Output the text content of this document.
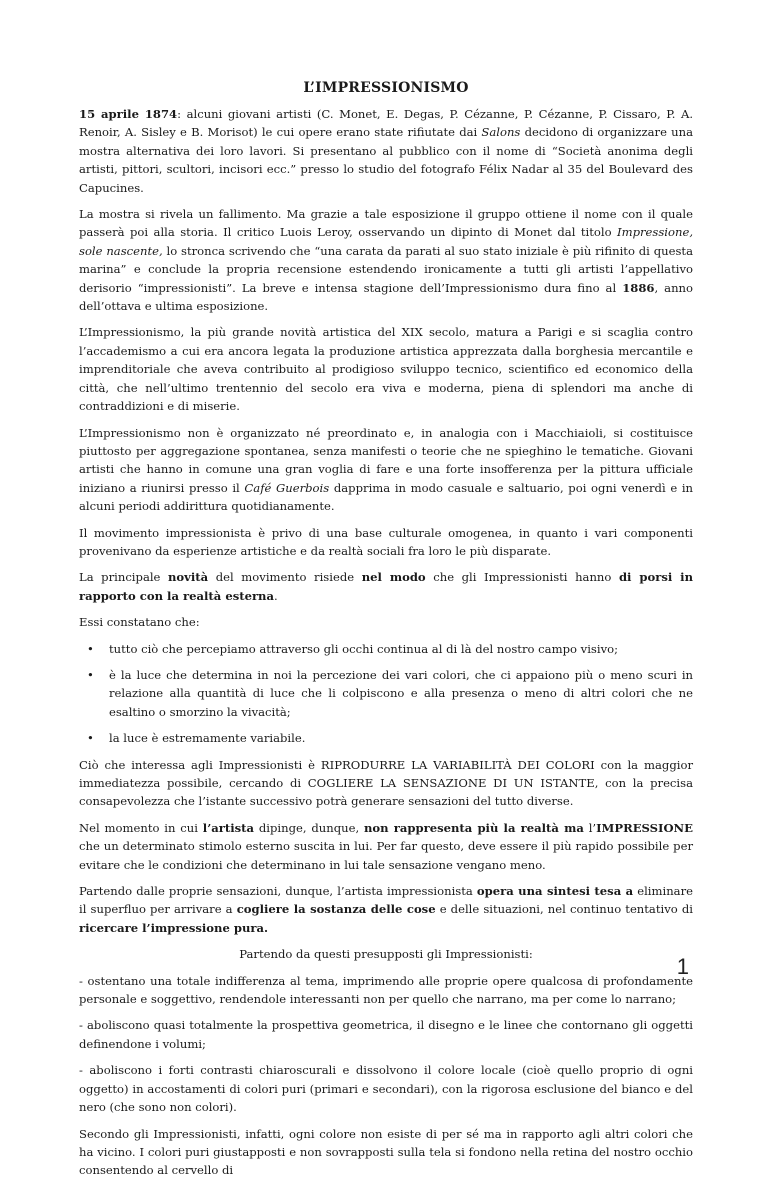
L’IMPRESSIONISMO

15 aprile 1874: alcuni giovani artisti (C. Monet, E. Degas, P. Cézanne, P. Cézanne, P. Cissaro, P. A. Renoir, A. Sisley e B. Morisot) le cui opere erano state rifiutate dai Salons decidono di organizzare una mostra alternativa dei loro lavori. Si presentano al pubblico con il nome di “Società anonima degli artisti, pittori, scultori, incisori ecc.” presso lo studio del fotografo Félix Nadar al 35 del Boulevard des Capucines.

La mostra si rivela un fallimento. Ma grazie a tale esposizione il gruppo ottiene il nome con il quale passerà poi alla storia. Il critico Luois Leroy, osservando un dipinto di Monet dal titolo Impressione, sole nascente, lo stronca scrivendo che “una carata da parati al suo stato iniziale è più rifinito di questa marina” e conclude la propria recensione estendendo ironicamente a tutti gli artisti l’appellativo derisorio “impressionisti”. La breve e intensa stagione dell’Impressionismo dura fino al 1886, anno dell’ottava e ultima esposizione.

L’Impressionismo, la più grande novità artistica del XIX secolo, matura a Parigi e si scaglia contro l’accademismo a cui era ancora legata la produzione artistica apprezzata dalla borghesia mercantile e imprenditoriale che aveva contribuito al prodigioso sviluppo tecnico, scientifico ed economico della città, che nell’ultimo trentennio del secolo era viva e moderna, piena di splendori ma anche di contraddizioni e di miserie.

L’Impressionismo non è organizzato né preordinato e, in analogia con i Macchiaioli, si costituisce piuttosto per aggregazione spontanea, senza manifesti o teorie che ne spieghino le tematiche. Giovani artisti che hanno in comune una gran voglia di fare e una forte insofferenza per la pittura ufficiale iniziano a riunirsi presso il Café Guerbois dapprima in modo casuale e saltuario, poi ogni venerdì e in alcuni periodi addirittura quotidianamente.

Il movimento impressionista è privo di una base culturale omogenea, in quanto i vari componenti provenivano da esperienze artistiche e da realtà sociali fra loro le più disparate.

La principale novità del movimento risiede nel modo che gli Impressionisti hanno di porsi in rapporto con la realtà esterna.

Essi constatano che:

• tutto ciò che percepiamo attraverso gli occhi continua al di là del nostro campo visivo;
• è la luce che determina in noi la percezione dei vari colori, che ci appaiono più o meno scuri in relazione alla quantità di luce che li colpiscono e alla presenza o meno di altri colori che ne esaltino o smorzino la vivacità;
• la luce è estremamente variabile.

Ciò che interessa agli Impressionisti è RIPRODURRE LA VARIABILITÀ DEI COLORI con la maggior immediatezza possibile, cercando di COGLIERE LA SENSAZIONE DI UN ISTANTE, con la precisa consapevolezza che l’istante successivo potrà generare sensazioni del tutto diverse.

Nel momento in cui l’artista dipinge, dunque, non rappresenta più la realtà ma l’IMPRESSIONE che un determinato stimolo esterno suscita in lui. Per far questo, deve essere il più rapido possibile per evitare che le condizioni che determinano in lui tale sensazione vengano meno.

Partendo dalle proprie sensazioni, dunque, l’artista impressionista opera una sintesi tesa a eliminare il superfluo per arrivare a cogliere la sostanza delle cose e delle situazioni, nel continuo tentativo di ricercare l’impressione pura.

Partendo da questi presupposti gli Impressionisti:

- ostentano una totale indifferenza al tema, imprimendo alle proprie opere qualcosa di profondamente personale e soggettivo, rendendole interessanti non per quello che narrano, ma per come lo narrano;

- aboliscono quasi totalmente la prospettiva geometrica, il disegno e le linee che contornano gli oggetti definendone i volumi;

- aboliscono i forti contrasti chiaroscurali e dissolvono il colore locale (cioè quello proprio di ogni oggetto) in accostamenti di colori puri (primari e secondari), con la rigorosa esclusione del bianco e del nero (che sono non colori).

Secondo gli Impressionisti, infatti, ogni colore non esiste di per sé ma in rapporto agli altri colori che ha vicino. I colori puri giustapposti e non sovrapposti sulla tela si fondono nella retina del nostro occhio consentendo al cervello di

1
